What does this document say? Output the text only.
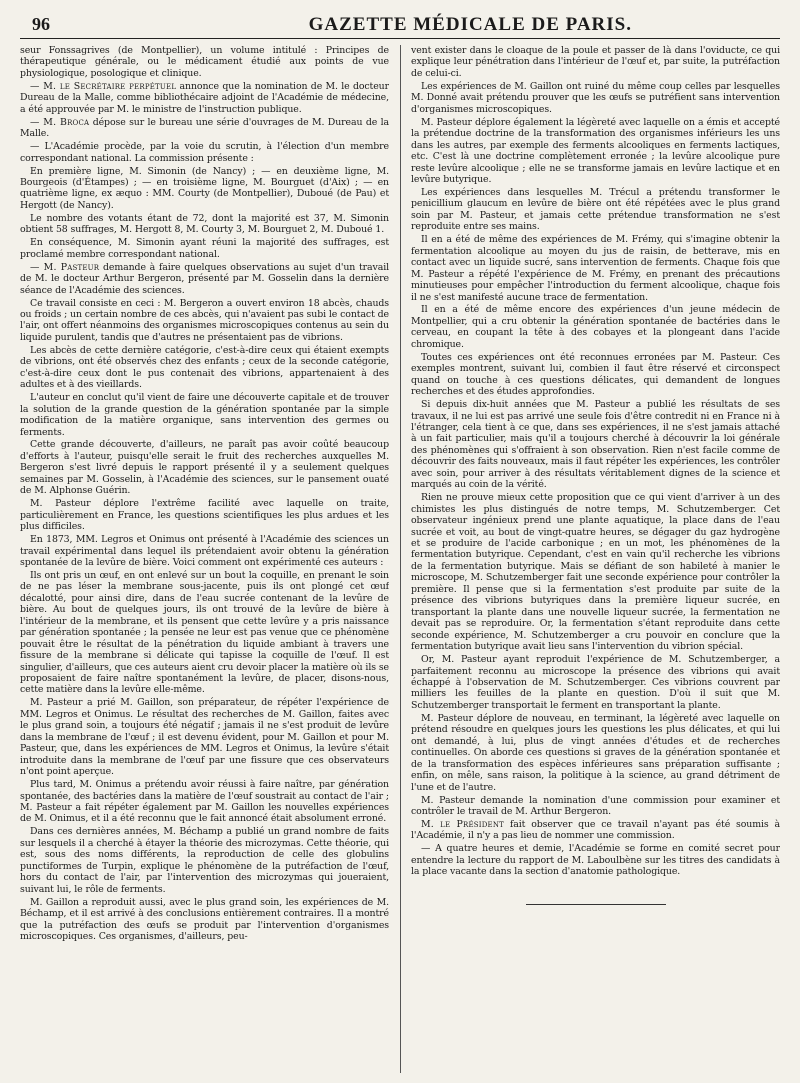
96	GAZETTE MÉDICALE DE PARIS.

seur Fonssagrives (de Montpellier), un volume intitulé : Principes de thérapeutique générale, ou le médicament étudié aux points de vue physiologique, posologique et clinique.

— M. le Secrétaire perpétuel annonce que la nomination de M. le docteur Dureau de la Malle, comme bibliothécaire adjoint de l'Académie de médecine, a été approuvée par M. le ministre de l'instruction publique.

— M. Broca dépose sur le bureau une série d'ouvrages de M. Dureau de la Malle.

— L'Académie procède, par la voie du scrutin, à l'élection d'un membre correspondant national. La commission présente :

En première ligne, M. Simonin (de Nancy) ; — en deuxième ligne, M. Bourgeois (d'Étampes) ; — en troisième ligne, M. Bourguet (d'Aix) ; — en quatrième ligne, ex æquo : MM. Courty (de Montpellier), Duboué (de Pau) et Hergott (de Nancy).

Le nombre des votants étant de 72, dont la majorité est 37, M. Simonin obtient 58 suffrages, M. Hergott 8, M. Courty 3, M. Bourguet 2, M. Duboué 1.

En conséquence, M. Simonin ayant réuni la majorité des suffrages, est proclamé membre correspondant national.

— M. Pasteur demande à faire quelques observations au sujet d'un travail de M. le docteur Arthur Bergeron, présenté par M. Gosselin dans la dernière séance de l'Académie des sciences.

Ce travail consiste en ceci : M. Bergeron a ouvert environ 18 abcès, chauds ou froids ; un certain nombre de ces abcès, qui n'avaient pas subi le contact de l'air, ont offert néanmoins des organismes microscopiques contenus au sein du liquide purulent, tandis que d'autres ne présentaient pas de vibrions.

Les abcès de cette dernière catégorie, c'est-à-dire ceux qui étaient exempts de vibrions, ont été observés chez des enfants ; ceux de la seconde catégorie, c'est-à-dire ceux dont le pus contenait des vibrions, appartenaient à des adultes et à des vieillards.

L'auteur en conclut qu'il vient de faire une découverte capitale et de trouver la solution de la grande question de la génération spontanée par la simple modification de la matière organique, sans intervention des germes ou ferments.

Cette grande découverte, d'ailleurs, ne paraît pas avoir coûté beaucoup d'efforts à l'auteur, puisqu'elle serait le fruit des recherches auxquelles M. Bergeron s'est livré depuis le rapport présenté il y a seulement quelques semaines par M. Gosselin, à l'Académie des sciences, sur le pansement ouaté de M. Alphonse Guérin.

M. Pasteur déplore l'extrême facilité avec laquelle on traite, particulièrement en France, les questions scientifiques les plus ardues et les plus difficiles.

En 1873, MM. Legros et Onimus ont présenté à l'Académie des sciences un travail expérimental dans lequel ils prétendaient avoir obtenu la génération spontanée de la levûre de bière. Voici comment ont expérimenté ces auteurs :

Ils ont pris un œuf, en ont enlevé sur un bout la coquille, en prenant le soin de ne pas léser la membrane sous-jacente, puis ils ont plongé cet œuf décalotté, pour ainsi dire, dans de l'eau sucrée contenant de la levûre de bière. Au bout de quelques jours, ils ont trouvé de la levûre de bière à l'intérieur de la membrane, et ils pensent que cette levûre y a pris naissance par génération spontanée ; la pensée ne leur est pas venue que ce phénomène pouvait être le résultat de la pénétration du liquide ambiant à travers une fissure de la membrane si délicate qui tapisse la coquille de l'œuf. Il est singulier, d'ailleurs, que ces auteurs aient cru devoir placer la matière où ils se proposaient de faire naître spontanément la levûre, de placer, disons-nous, cette matière dans la levûre elle-même.

M. Pasteur a prié M. Gaillon, son préparateur, de répéter l'expérience de MM. Legros et Onimus. Le résultat des recherches de M. Gaillon, faites avec le plus grand soin, a toujours été négatif ; jamais il ne s'est produit de levûre dans la membrane de l'œuf ; il est devenu évident, pour M. Gaillon et pour M. Pasteur, que, dans les expériences de MM. Legros et Onimus, la levûre s'était introduite dans la membrane de l'œuf par une fissure que ces observateurs n'ont point aperçue.

Plus tard, M. Onimus a prétendu avoir réussi à faire naître, par génération spontanée, des bactéries dans la matière de l'œuf soustrait au contact de l'air ; M. Pasteur a fait répéter également par M. Gaillon les nouvelles expériences de M. Onimus, et il a été reconnu que le fait annoncé était absolument erroné.

Dans ces dernières années, M. Béchamp a publié un grand nombre de faits sur lesquels il a cherché à étayer la théorie des microzymas. Cette théorie, qui est, sous des noms différents, la reproduction de celle des globulins punctiformes de Turpin, explique le phénomène de la putréfaction de l'œuf, hors du contact de l'air, par l'intervention des microzymas qui joueraient, suivant lui, le rôle de ferments.

M. Gaillon a reproduit aussi, avec le plus grand soin, les expériences de M. Béchamp, et il est arrivé à des conclusions entièrement contraires. Il a montré que la putréfaction des œufs se produit par l'intervention d'organismes microscopiques. Ces organismes, d'ailleurs, peu-

vent exister dans le cloaque de la poule et passer de là dans l'oviducte, ce qui explique leur pénétration dans l'intérieur de l'œuf et, par suite, la putréfaction de celui-ci.

Les expériences de M. Gaillon ont ruiné du même coup celles par lesquelles M. Donné avait prétendu prouver que les œufs se putréfient sans intervention d'organismes microscopiques.

M. Pasteur déplore également la légèreté avec laquelle on a émis et accepté la prétendue doctrine de la transformation des organismes inférieurs les uns dans les autres, par exemple des ferments alcooliques en ferments lactiques, etc. C'est là une doctrine complètement erronée ; la levûre alcoolique pure reste levûre alcoolique ; elle ne se transforme jamais en levûre lactique et en levûre butyrique.

Les expériences dans lesquelles M. Trécul a prétendu transformer le penicillium glaucum en levûre de bière ont été répétées avec le plus grand soin par M. Pasteur, et jamais cette prétendue transformation ne s'est reproduite entre ses mains.

Il en a été de même des expériences de M. Frémy, qui s'imagine obtenir la fermentation alcoolique au moyen du jus de raisin, de betterave, mis en contact avec un liquide sucré, sans intervention de ferments. Chaque fois que M. Pasteur a répété l'expérience de M. Frémy, en prenant des précautions minutieuses pour empêcher l'introduction du ferment alcoolique, chaque fois il ne s'est manifesté aucune trace de fermentation.

Il en a été de même encore des expériences d'un jeune médecin de Montpellier, qui a cru obtenir la génération spontanée de bactéries dans le cerveau, en coupant la tête à des cobayes et la plongeant dans l'acide chromique.

Toutes ces expériences ont été reconnues erronées par M. Pasteur. Ces exemples montrent, suivant lui, combien il faut être réservé et circonspect quand on touche à ces questions délicates, qui demandent de longues recherches et des études approfondies.

Si depuis dix-huit années que M. Pasteur a publié les résultats de ses travaux, il ne lui est pas arrivé une seule fois d'être contredit ni en France ni à l'étranger, cela tient à ce que, dans ses expériences, il ne s'est jamais attaché à un fait particulier, mais qu'il a toujours cherché à découvrir la loi générale des phénomènes qui s'offraient à son observation. Rien n'est facile comme de découvrir des faits nouveaux, mais il faut répéter les expériences, les contrôler avec soin, pour arriver à des résultats véritablement dignes de la science et marqués au coin de la vérité.

Rien ne prouve mieux cette proposition que ce qui vient d'arriver à un des chimistes les plus distingués de notre temps, M. Schutzemberger. Cet observateur ingénieux prend une plante aquatique, la place dans de l'eau sucrée et voit, au bout de vingt-quatre heures, se dégager du gaz hydrogène et se produire de l'acide carbonique ; en un mot, les phénomènes de la fermentation butyrique. Cependant, c'est en vain qu'il recherche les vibrions de la fermentation butyrique. Mais se défiant de son habileté à manier le microscope, M. Schutzemberger fait une seconde expérience pour contrôler la première. Il pense que si la fermentation s'est produite par suite de la présence des vibrions butyriques dans la première liqueur sucrée, en transportant la plante dans une nouvelle liqueur sucrée, la fermentation ne devait pas se reproduire. Or, la fermentation s'étant reproduite dans cette seconde expérience, M. Schutzemberger a cru pouvoir en conclure que la fermentation butyrique avait lieu sans l'intervention du vibrion spécial.

Or, M. Pasteur ayant reproduit l'expérience de M. Schutzemberger, a parfaitement reconnu au microscope la présence des vibrions qui avait échappé à l'observation de M. Schutzemberger. Ces vibrions couvrent par milliers les feuilles de la plante en question. D'où il suit que M. Schutzemberger transportait le ferment en transportant la plante.

M. Pasteur déplore de nouveau, en terminant, la légèreté avec laquelle on prétend résoudre en quelques jours les questions les plus délicates, et qui lui ont demandé, à lui, plus de vingt années d'études et de recherches continuelles. On aborde ces questions si graves de la génération spontanée et de la transformation des espèces inférieures sans préparation suffisante ; enfin, on mêle, sans raison, la politique à la science, au grand détriment de l'une et de l'autre.

M. Pasteur demande la nomination d'une commission pour examiner et contrôler le travail de M. Arthur Bergeron.

M. le Président fait observer que ce travail n'ayant pas été soumis à l'Académie, il n'y a pas lieu de nommer une commission.

— A quatre heures et demie, l'Académie se forme en comité secret pour entendre la lecture du rapport de M. Laboulbène sur les titres des candidats à la place vacante dans la section d'anatomie pathologique.
